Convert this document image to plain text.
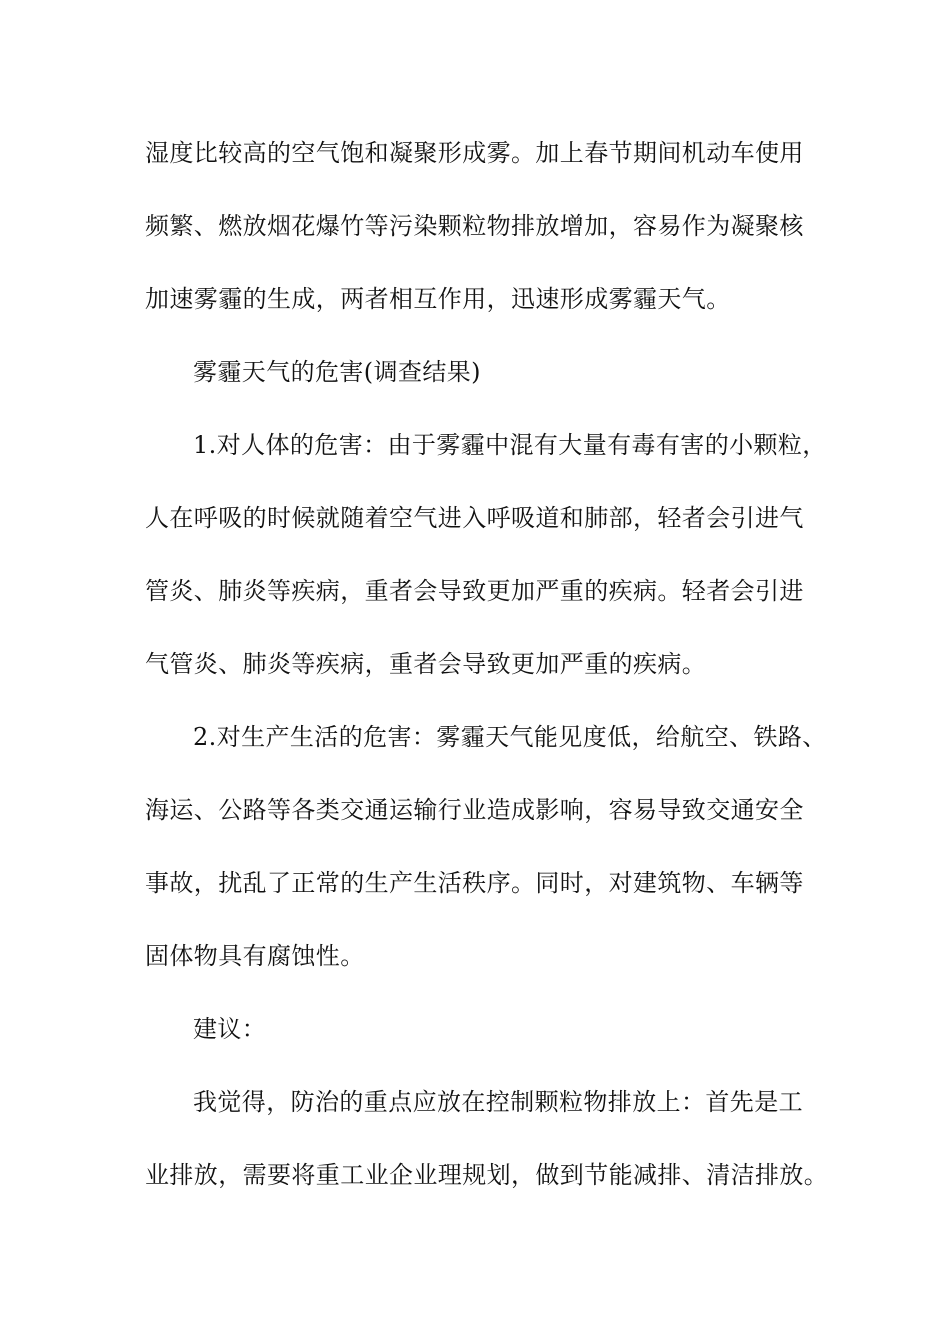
湿度比较高的空气饱和凝聚形成雾。加上春节期间机动车使用
频繁、燃放烟花爆竹等污染颗粒物排放增加，容易作为凝聚核
加速雾霾的生成，两者相互作用，迅速形成雾霾天气。
雾霾天气的危害(调查结果)
1.对人体的危害：由于雾霾中混有大量有毒有害的小颗粒，
人在呼吸的时候就随着空气进入呼吸道和肺部，轻者会引进气
管炎、肺炎等疾病，重者会导致更加严重的疾病。轻者会引进
气管炎、肺炎等疾病，重者会导致更加严重的疾病。
2.对生产生活的危害：雾霾天气能见度低，给航空、铁路、
海运、公路等各类交通运输行业造成影响，容易导致交通安全
事故，扰乱了正常的生产生活秩序。同时，对建筑物、车辆等
固体物具有腐蚀性。
建议：
我觉得，防治的重点应放在控制颗粒物排放上：首先是工
业排放，需要将重工业企业理规划，做到节能减排、清洁排放。
